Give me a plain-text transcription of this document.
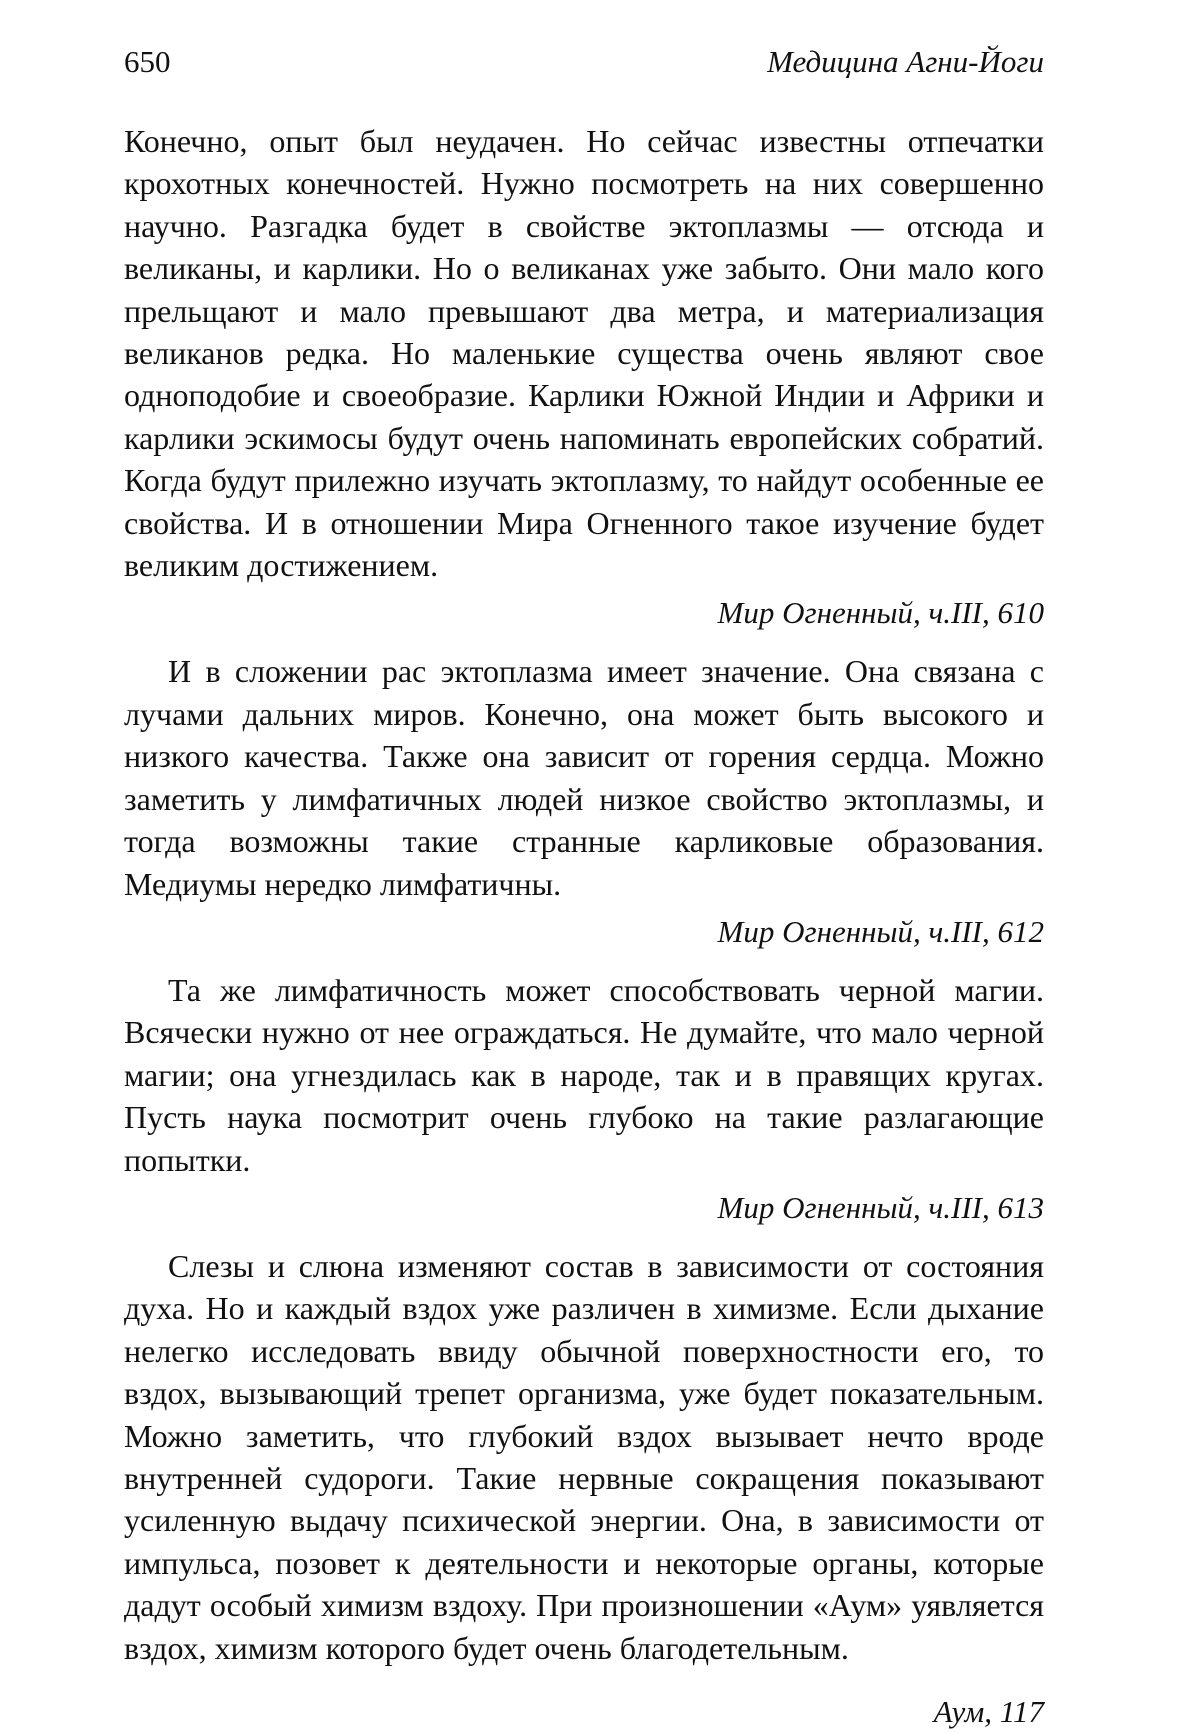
650	Медицина Агни-Йоги

Конечно, опыт был неудачен. Но сейчас известны отпечатки крохотных конечностей. Нужно посмотреть на них совершенно научно. Разгадка будет в свойстве эктоплазмы — отсюда и великаны, и карлики. Но о великанах уже забыто. Они мало кого прельщают и мало превышают два метра, и материализация великанов редка. Но маленькие существа очень являют свое одноподобие и своеобразие. Карлики Южной Индии и Африки и карлики эскимосы будут очень напоминать европейских собратий. Когда будут прилежно изучать эктоплазму, то найдут особенные ее свойства. И в отношении Мира Огненного такое изучение будет великим достижением.

Мир Огненный, ч.III, 610

И в сложении рас эктоплазма имеет значение. Она связана с лучами дальних миров. Конечно, она может быть высокого и низкого качества. Также она зависит от горения сердца. Можно заметить у лимфатичных людей низкое свойство эктоплазмы, и тогда возможны такие странные карликовые образования. Медиумы нередко лимфатичны.

Мир Огненный, ч.III, 612

Та же лимфатичность может способствовать черной магии. Всячески нужно от нее ограждаться. Не думайте, что мало черной магии; она угнездилась как в народе, так и в правящих кругах. Пусть наука посмотрит очень глубоко на такие разлагающие попытки.

Мир Огненный, ч.III, 613

Слезы и слюна изменяют состав в зависимости от состояния духа. Но и каждый вздох уже различен в химизме. Если дыхание нелегко исследовать ввиду обычной поверхностности его, то вздох, вызывающий трепет организма, уже будет показательным. Можно заметить, что глубокий вздох вызывает нечто вроде внутренней судороги. Такие нервные сокращения показывают усиленную выдачу психической энергии. Она, в зависимости от импульса, позовет к деятельности и некоторые органы, которые дадут особый химизм вздоху. При произношении «Аум» уявляется вздох, химизм которого будет очень благодетельным.

Аум, 117
